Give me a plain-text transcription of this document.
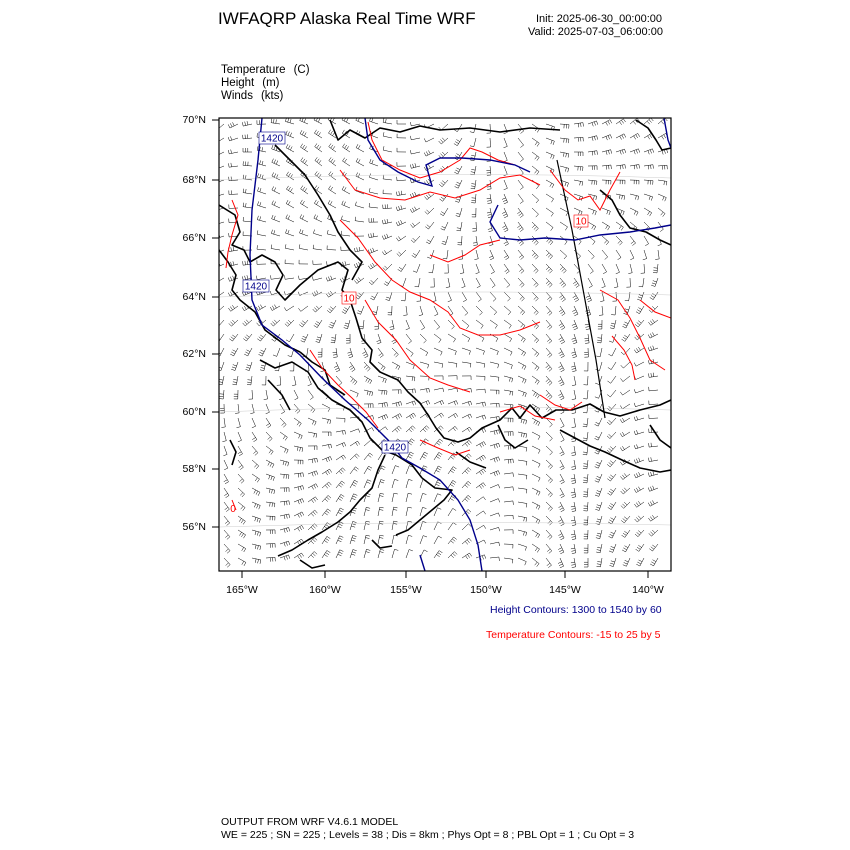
IWFAQRP Alaska Real Time WRF	Init: 2025-06-30_00:00:00
Valid: 2025-07-03_06:00:00
Temperature (C)
Height (m)
Winds (kts)
1420
1420
1420
10
10
0
70°N
68°N
66°N
64°N
62°N
60°N
58°N
56°N
165°W	160°W	155°W	150°W	145°W	140°W
Height Contours: 1300 to 1540 by 60
Temperature Contours: -15 to 25 by 5
OUTPUT FROM WRF V4.6.1 MODEL
WE = 225 ; SN = 225 ; Levels = 38 ; Dis = 8km ; Phys Opt = 8 ; PBL Opt = 1 ; Cu Opt = 3
